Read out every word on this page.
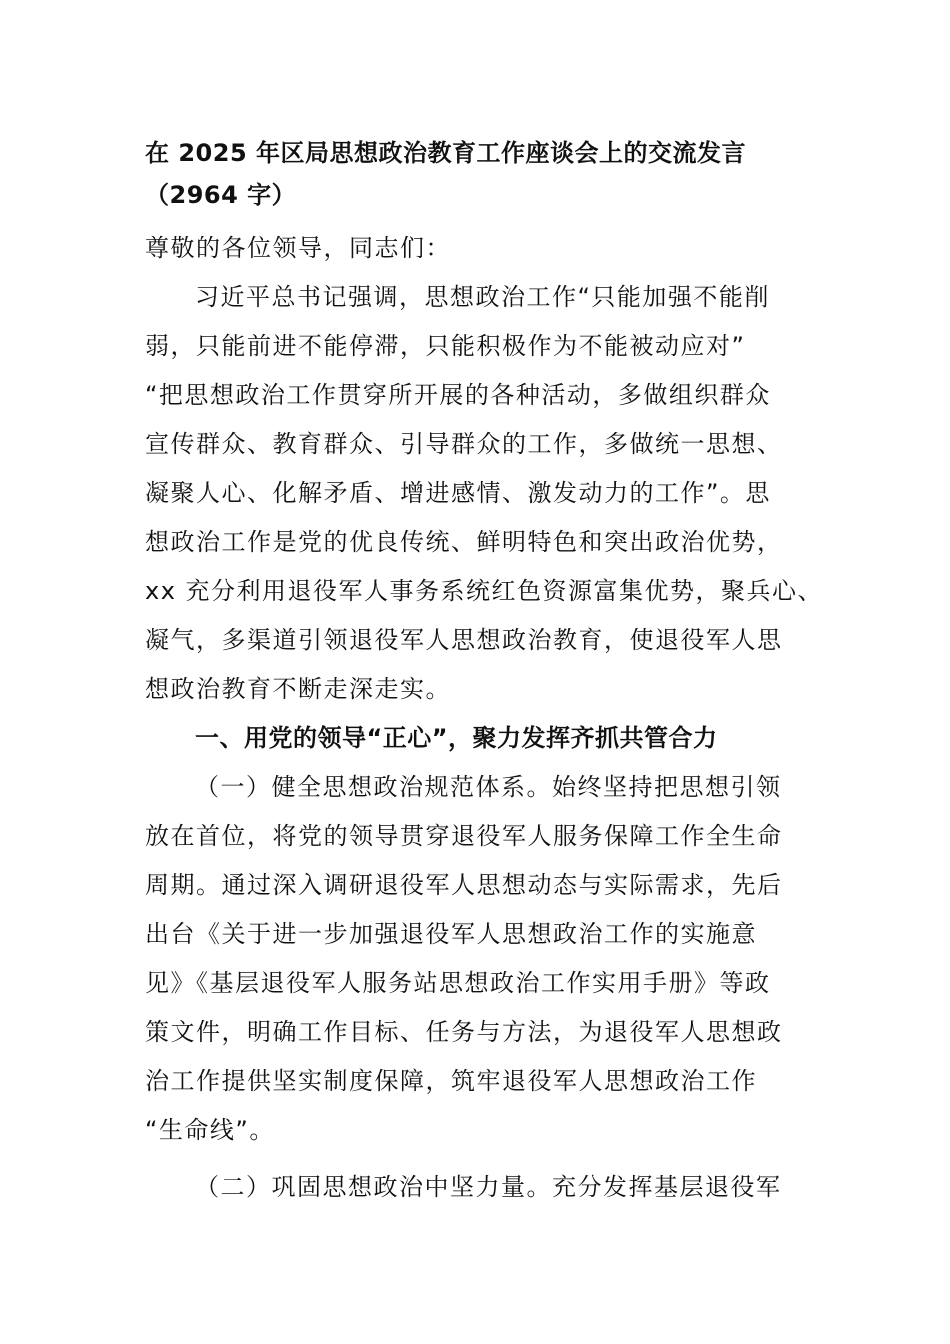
在 2025 年区局思想政治教育工作座谈会上的交流发言
（2964 字）
尊敬的各位领导，同志们：
习近平总书记强调，思想政治工作“只能加强不能削
弱，只能前进不能停滞，只能积极作为不能被动应对”
“把思想政治工作贯穿所开展的各种活动，多做组织群众
宣传群众、教育群众、引导群众的工作，多做统一思想、
凝聚人心、化解矛盾、增进感情、激发动力的工作”。思
想政治工作是党的优良传统、鲜明特色和突出政治优势，
xx 充分利用退役军人事务系统红色资源富集优势，聚兵心、
凝气，多渠道引领退役军人思想政治教育，使退役军人思
想政治教育不断走深走实。
一、用党的领导“正心”，聚力发挥齐抓共管合力
（一）健全思想政治规范体系。始终坚持把思想引领
放在首位，将党的领导贯穿退役军人服务保障工作全生命
周期。通过深入调研退役军人思想动态与实际需求，先后
出台《关于进一步加强退役军人思想政治工作的实施意
见》《基层退役军人服务站思想政治工作实用手册》等政
策文件，明确工作目标、任务与方法，为退役军人思想政
治工作提供坚实制度保障，筑牢退役军人思想政治工作
“生命线”。
（二）巩固思想政治中坚力量。充分发挥基层退役军
